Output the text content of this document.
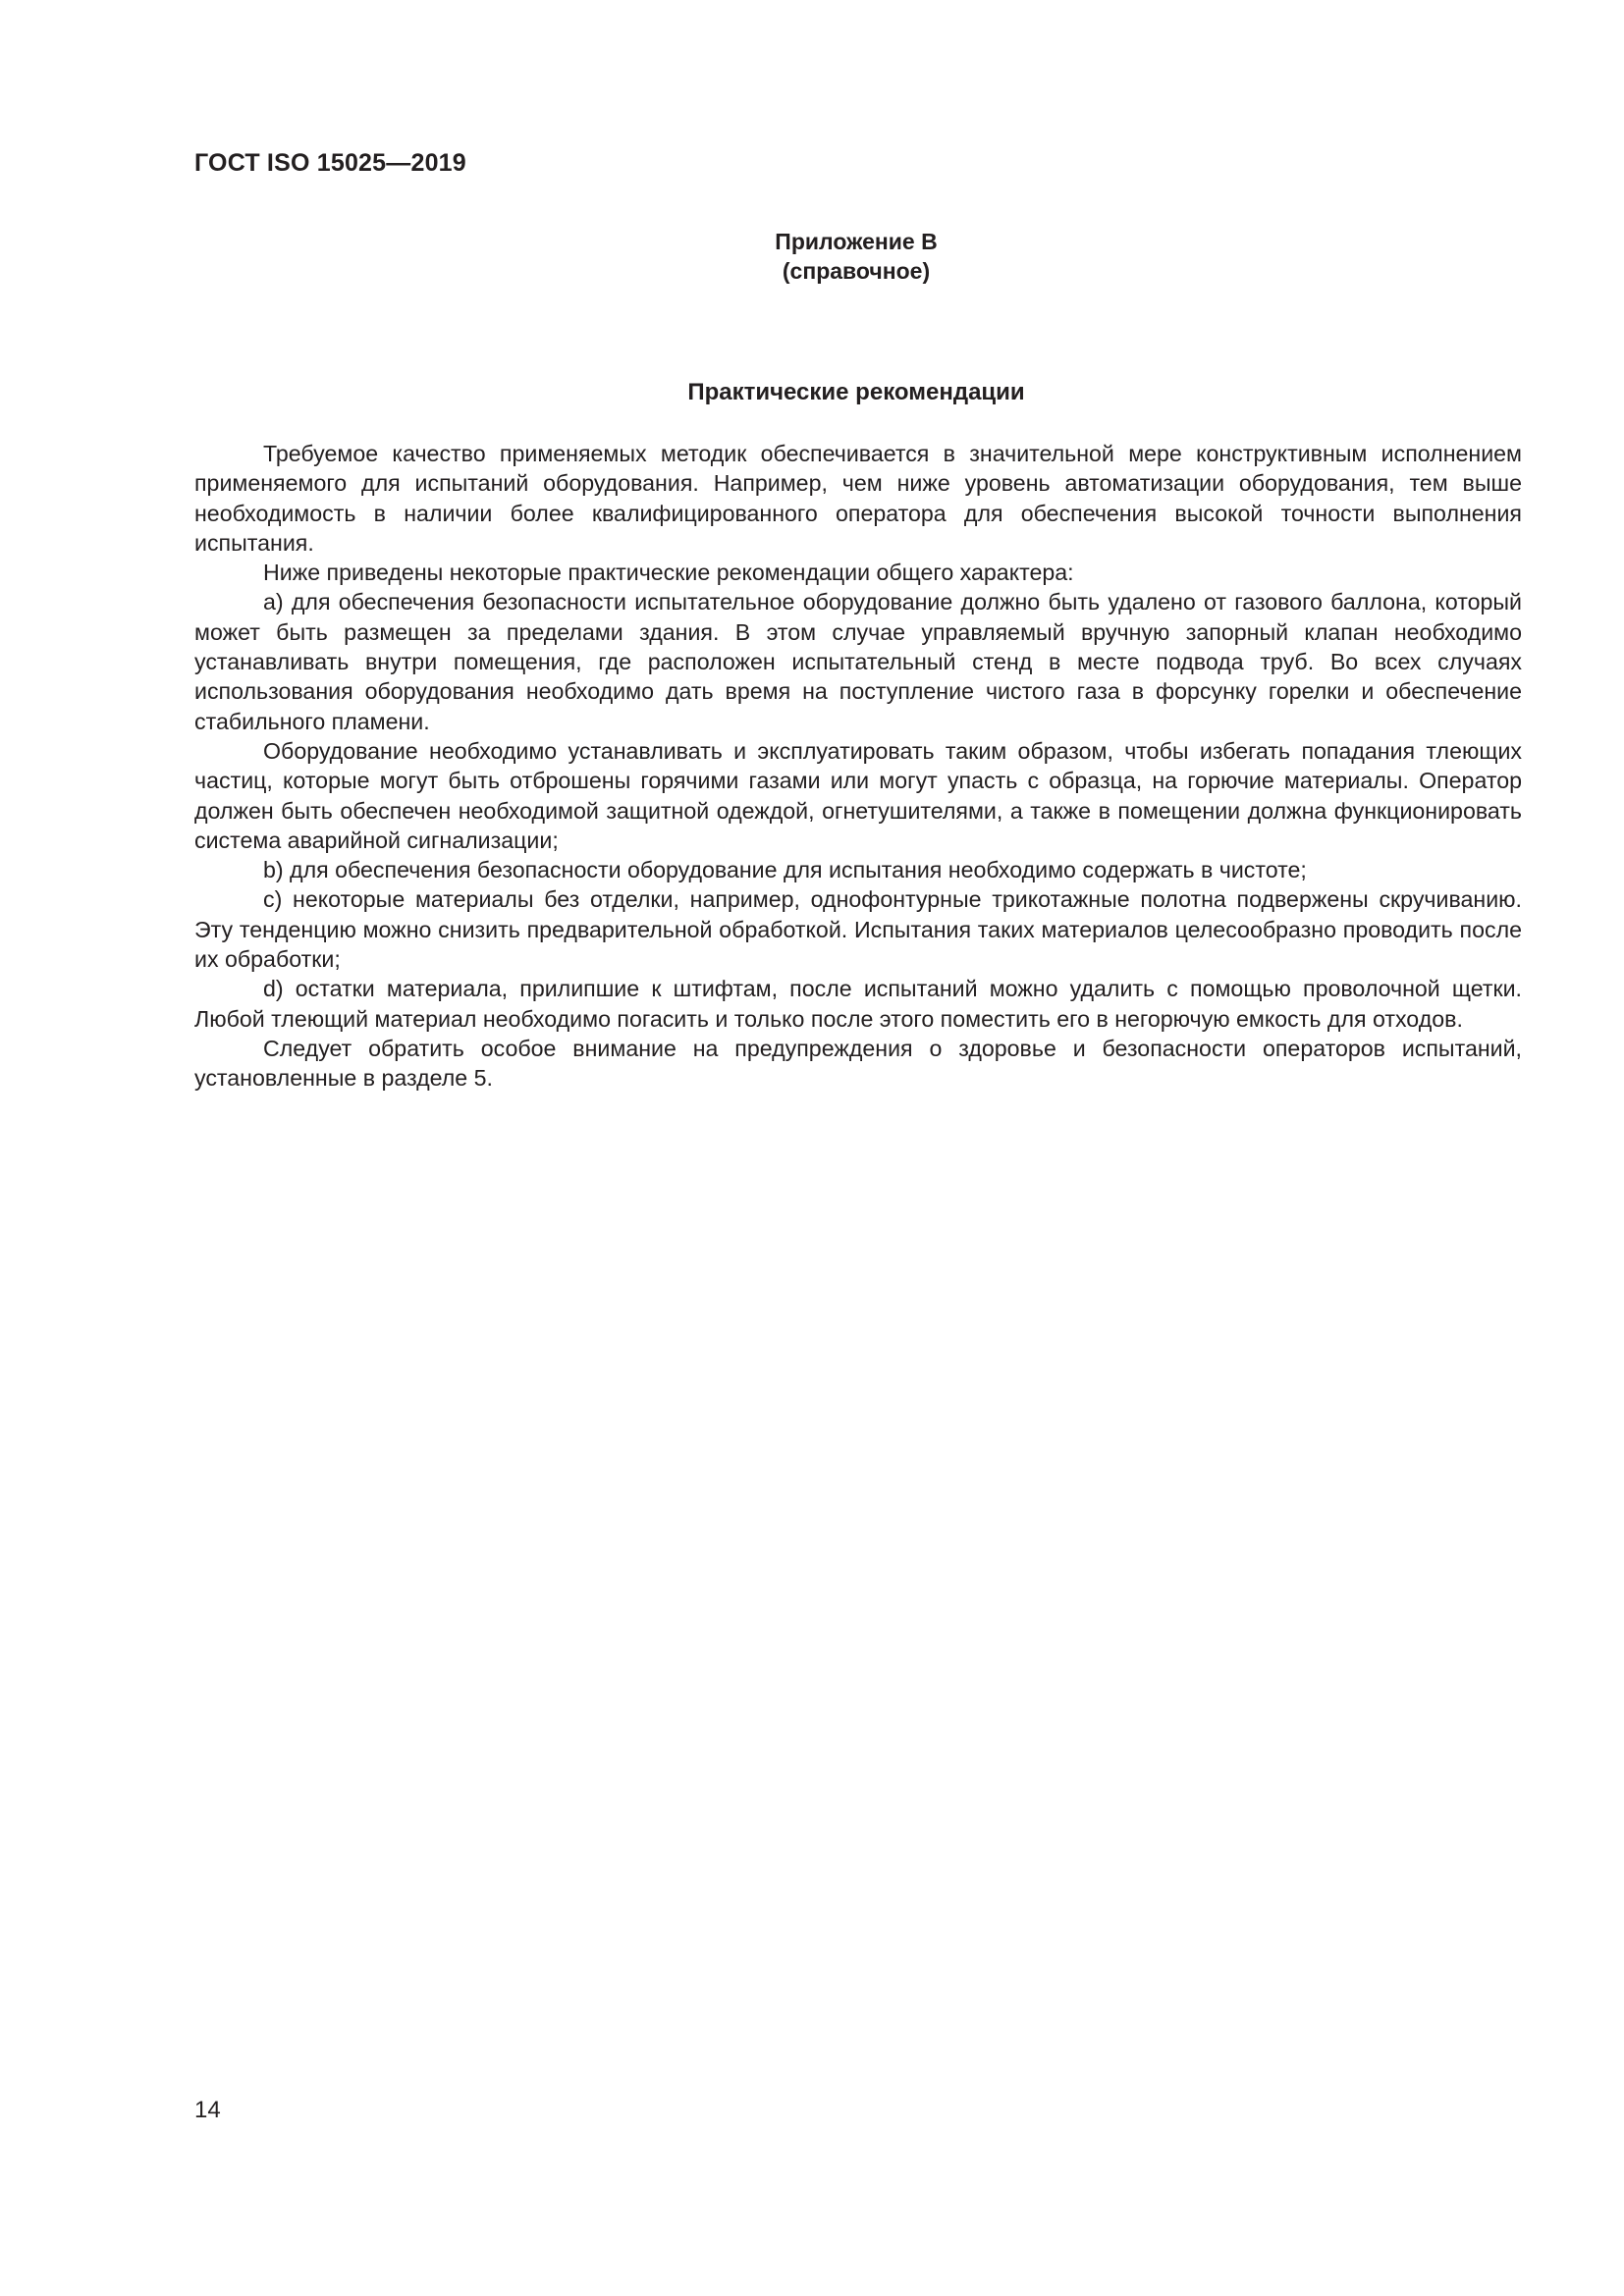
ГОСТ ISO 15025—2019
Приложение В
(справочное)
Практические рекомендации

Требуемое качество применяемых методик обеспечивается в значительной мере конструктивным исполнением применяемого для испытаний оборудования. Например, чем ниже уровень автоматизации оборудования, тем выше необходимость в наличии более квалифицированного оператора для обеспечения высокой точности выполнения испытания.

Ниже приведены некоторые практические рекомендации общего характера:

a) для обеспечения безопасности испытательное оборудование должно быть удалено от газового баллона, который может быть размещен за пределами здания. В этом случае управляемый вручную запорный клапан необходимо устанавливать внутри помещения, где расположен испытательный стенд в месте подвода труб. Во всех случаях использования оборудования необходимо дать время на поступление чистого газа в форсунку горелки и обеспечение стабильного пламени.

Оборудование необходимо устанавливать и эксплуатировать таким образом, чтобы избегать попадания тлеющих частиц, которые могут быть отброшены горячими газами или могут упасть с образца, на горючие материалы. Оператор должен быть обеспечен необходимой защитной одеждой, огнетушителями, а также в помещении должна функционировать система аварийной сигнализации;

b) для обеспечения безопасности оборудование для испытания необходимо содержать в чистоте;

c) некоторые материалы без отделки, например, однофонтурные трикотажные полотна подвержены скручиванию. Эту тенденцию можно снизить предварительной обработкой. Испытания таких материалов целесообразно проводить после их обработки;

d) остатки материала, прилипшие к штифтам, после испытаний можно удалить с помощью проволочной щетки. Любой тлеющий материал необходимо погасить и только после этого поместить его в негорючую емкость для отходов.

Следует обратить особое внимание на предупреждения о здоровье и безопасности операторов испытаний, установленные в разделе 5.

14
